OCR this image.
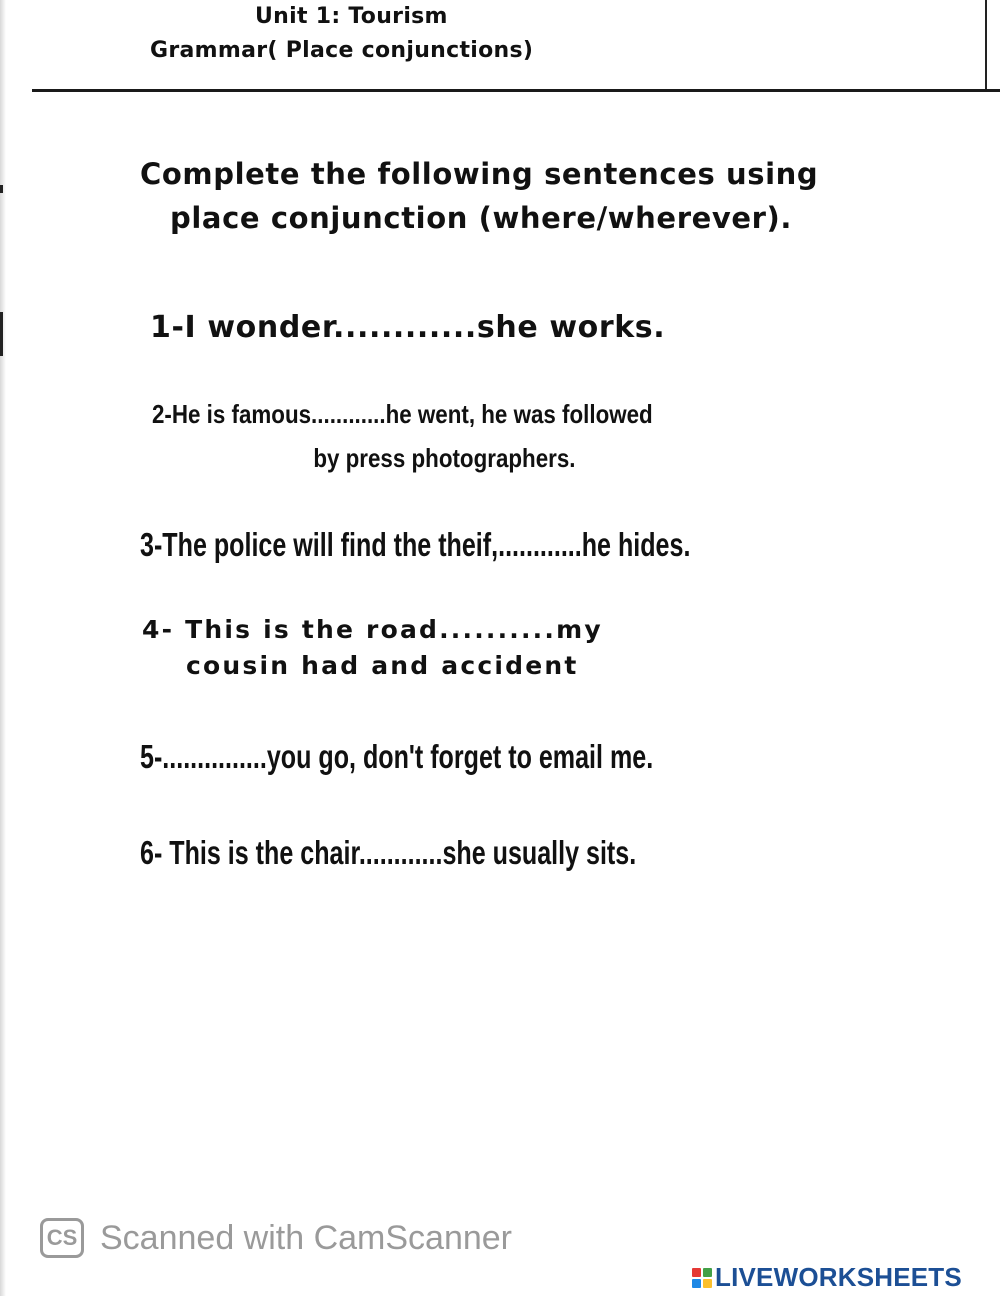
Unit 1: Tourism
Grammar( Place conjunctions)
Complete the following sentences using
place conjunction (where/wherever).
1-I wonder............she works.
2-He is famous............he went, he was followed
by press photographers.
3-The police will find the theif,............he hides.
4- This is the road..........my
cousin had and accident
5-...............you go, don't forget to email me.
6- This is the chair............she usually sits.
CS Scanned with CamScanner
LIVEWORKSHEETS
